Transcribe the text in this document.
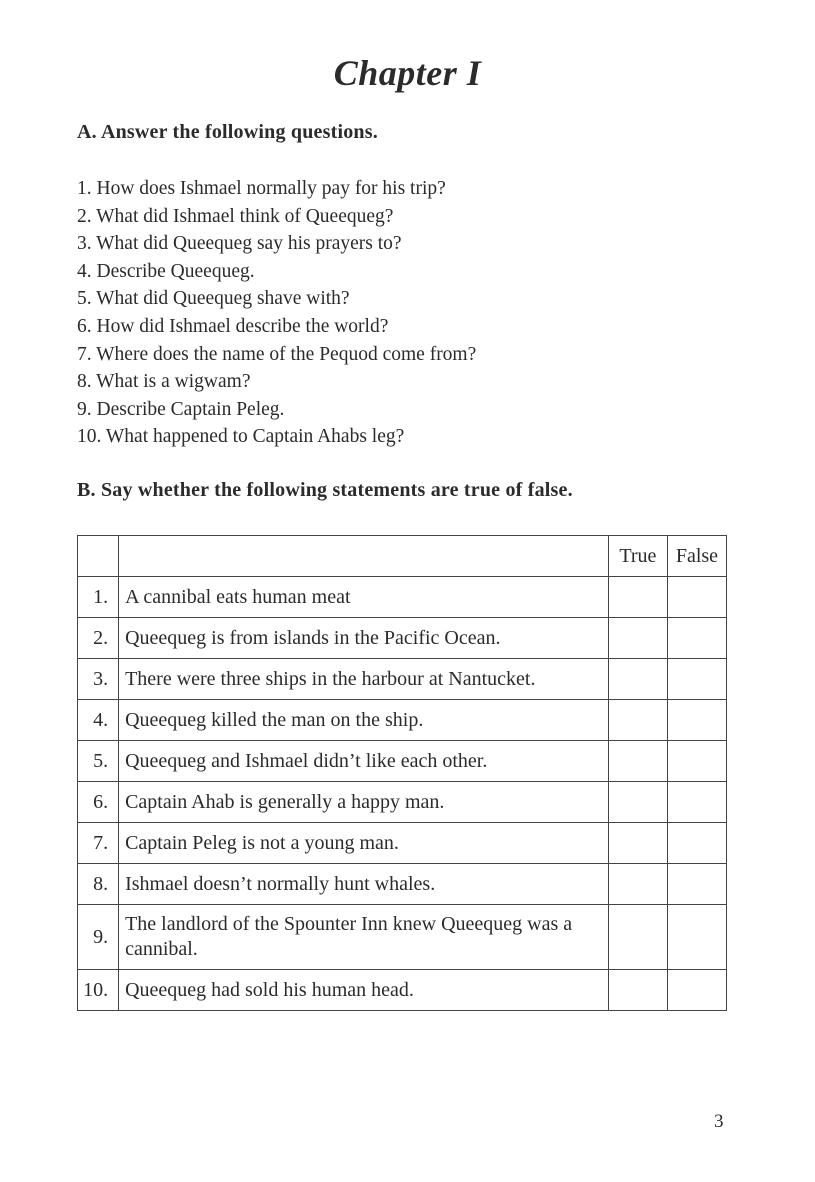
Chapter I
A. Answer the following questions.
1. How does Ishmael normally pay for his trip?
2. What did Ishmael think of Queequeg?
3. What did Queequeg say his prayers to?
4. Describe Queequeg.
5. What did Queequeg shave with?
6. How did Ishmael describe the world?
7. Where does the name of the Pequod come from?
8. What is a wigwam?
9. Describe Captain Peleg.
10. What happened to Captain Ahabs leg?
B. Say whether the following statements are true of false.
		True	False
1.	A cannibal eats human meat		
2.	Queequeg is from islands in the Pacific Ocean.		
3.	There were three ships in the harbour at Nantucket.		
4.	Queequeg killed the man on the ship.		
5.	Queequeg and Ishmael didn’t like each other.		
6.	Captain Ahab is generally a happy man.		
7.	Captain Peleg is not a young man.		
8.	Ishmael doesn’t normally hunt whales.		
9.	The landlord of the Spounter Inn knew Queequeg was a cannibal.		
10.	Queequeg had sold his human head.		
3
